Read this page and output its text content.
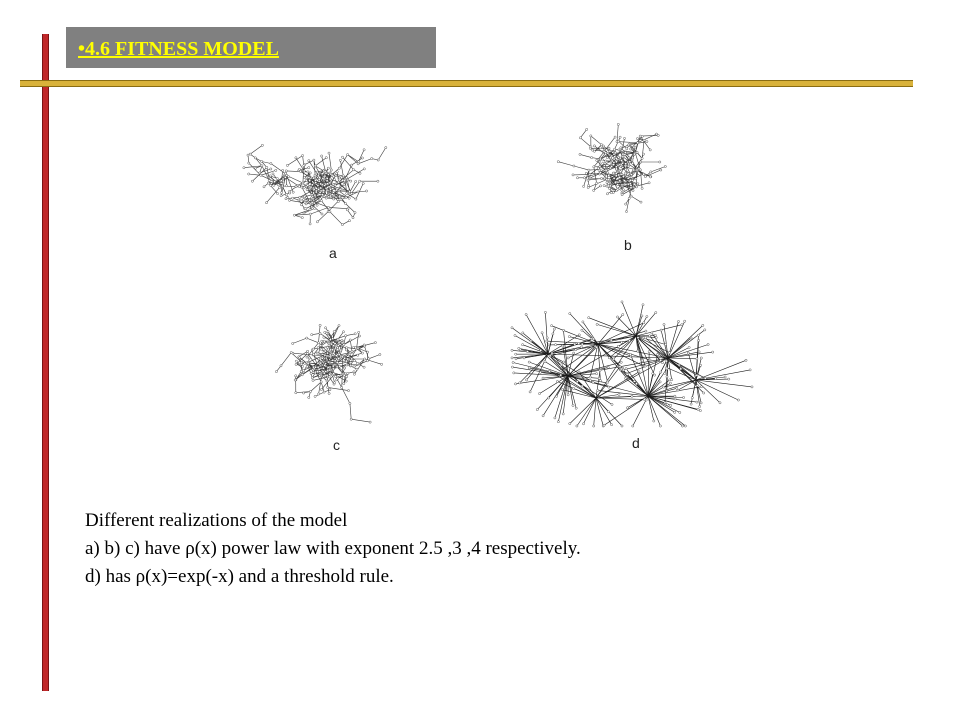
•4.6 FITNESS MODEL
a	b
c	d
Different realizations of the model
a) b) c) have ρ(x) power law with exponent 2.5 ,3 ,4 respectively.
d) has ρ(x)=exp(-x) and a threshold rule.
